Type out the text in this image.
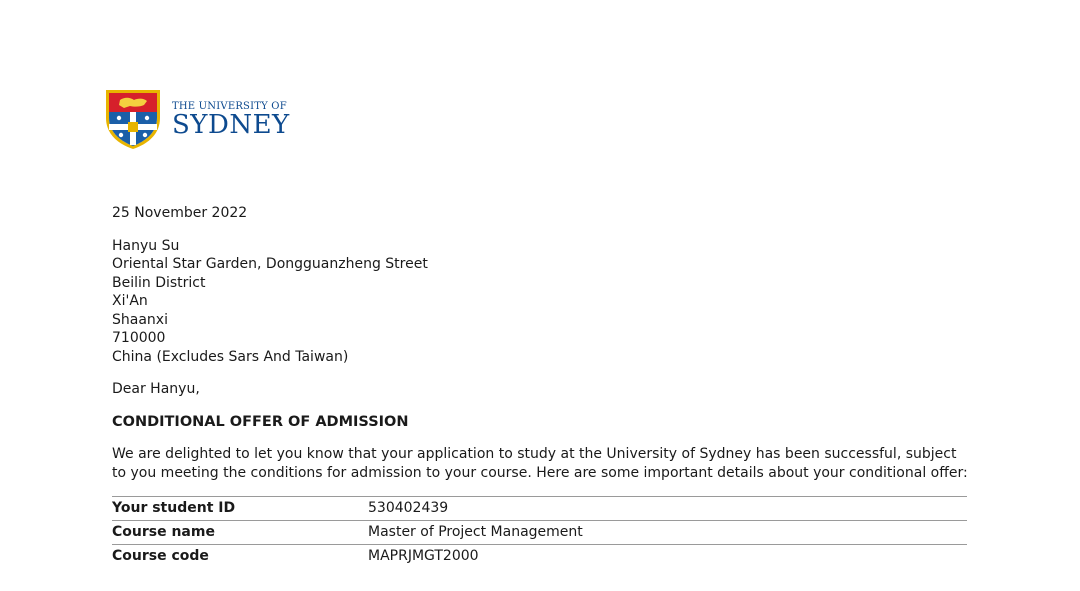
THE UNIVERSITY OF
SYDNEY
25 November 2022
Hanyu Su
Oriental Star Garden, Dongguanzheng Street
Beilin District
Xi'An
Shaanxi
710000
China (Excludes Sars And Taiwan)
Dear Hanyu,
CONDITIONAL OFFER OF ADMISSION
We are delighted to let you know that your application to study at the University of Sydney has been successful, subject to you meeting the conditions for admission to your course. Here are some important details about your conditional offer:
Your student ID	530402439
Course name	Master of Project Management
Course code	MAPRJMGT2000
